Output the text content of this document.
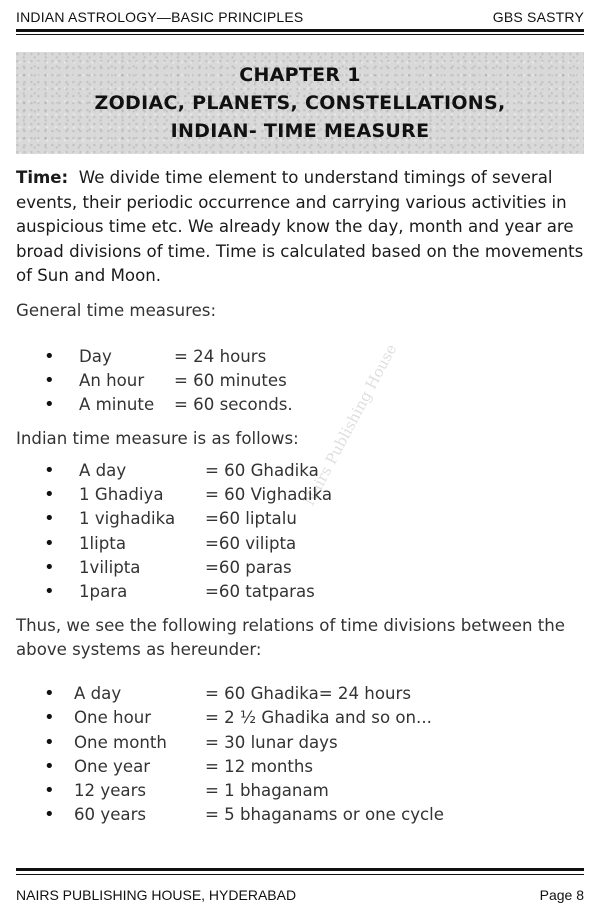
INDIAN ASTROLOGY—BASIC PRINCIPLES	GBS SASTRY
CHAPTER 1
ZODIAC, PLANETS, CONSTELLATIONS,
INDIAN- TIME MEASURE

Time: We divide time element to understand timings of several events, their periodic occurrence and carrying various activities in auspicious time etc. We already know the day, month and year are broad divisions of time. Time is calculated based on the movements of Sun and Moon.

General time measures:

• Day	= 24 hours
• An hour = 60 minutes
• A minute = 60 seconds.

Indian time measure is as follows:

• A day	= 60 Ghadika
• 1 Ghadiya = 60 Vighadika
• 1 vighadika =60 liptalu
• 1lipta	=60 vilipta
• 1vilipta	=60 paras
• 1para	=60 tatparas

Thus, we see the following relations of time divisions between the above systems as hereunder:

• A day	= 60 Ghadika= 24 hours
• One hour	= 2 ½ Ghadika and so on...
• One month = 30 lunar days
• One year	= 12 months
• 12 years	= 1 bhaganam
• 60 years	= 5 bhaganams or one cycle
Nairs Publishing House
NAIRS PUBLISHING HOUSE, HYDERABAD	Page 8
